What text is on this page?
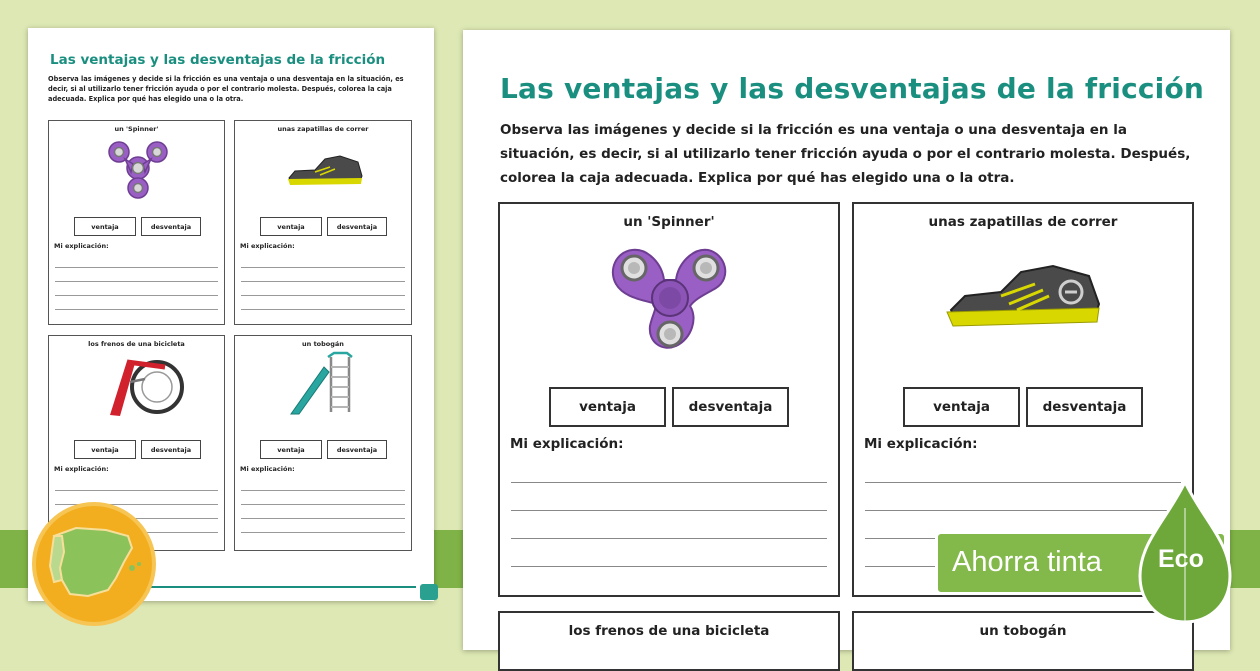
Las ventajas y las desventajas de la fricción
Observa las imágenes y decide si la fricción es una ventaja o una desventaja en la situación, es decir, si al utilizarlo tener fricción ayuda o por el contrario molesta. Después, colorea la caja adecuada. Explica por qué has elegido una o la otra.
un 'Spinner'
ventaja	desventaja
Mi explicación:
unas zapatillas de correr
ventaja	desventaja
Mi explicación:
los frenos de una bicicleta
ventaja	desventaja
Mi explicación:
un tobogán
ventaja	desventaja
Mi explicación:
Las ventajas y las desventajas de la fricción
Observa las imágenes y decide si la fricción es una ventaja o una desventaja en la situación, es decir, si al utilizarlo tener fricción ayuda o por el contrario molesta. Después, colorea la caja adecuada. Explica por qué has elegido una o la otra.
un 'Spinner'
ventaja	desventaja
Mi explicación:
unas zapatillas de correr
ventaja	desventaja
Mi explicación:
los frenos de una bicicleta	un tobogán
Ahorra tinta Eco
